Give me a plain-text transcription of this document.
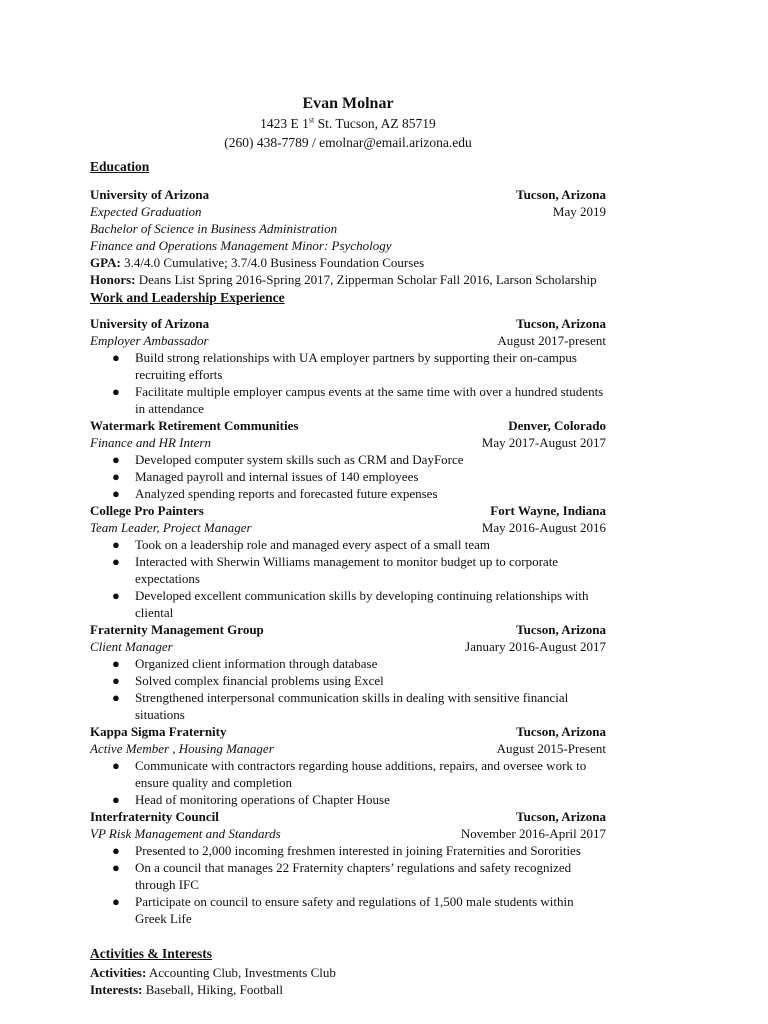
Evan Molnar
1423 E 1st St. Tucson, AZ 85719
(260) 438-7789 / emolnar@email.arizona.edu
Education
University of Arizona	Tucson, Arizona
Expected Graduation	May 2019
Bachelor of Science in Business Administration
Finance and Operations Management Minor: Psychology
GPA: 3.4/4.0 Cumulative; 3.7/4.0 Business Foundation Courses
Honors: Deans List Spring 2016-Spring 2017, Zipperman Scholar Fall 2016, Larson Scholarship
Work and Leadership Experience
University of Arizona	Tucson, Arizona
Employer Ambassador	August 2017-present
● Build strong relationships with UA employer partners by supporting their on-campus recruiting efforts
● Facilitate multiple employer campus events at the same time with over a hundred students in attendance
Watermark Retirement Communities	Denver, Colorado
Finance and HR Intern	May 2017-August 2017
● Developed computer system skills such as CRM and DayForce
● Managed payroll and internal issues of 140 employees
● Analyzed spending reports and forecasted future expenses
College Pro Painters	Fort Wayne, Indiana
Team Leader, Project Manager	May 2016-August 2016
● Took on a leadership role and managed every aspect of a small team
● Interacted with Sherwin Williams management to monitor budget up to corporate expectations
● Developed excellent communication skills by developing continuing relationships with cliental
Fraternity Management Group	Tucson, Arizona
Client Manager	January 2016-August 2017
● Organized client information through database
● Solved complex financial problems using Excel
● Strengthened interpersonal communication skills in dealing with sensitive financial situations
Kappa Sigma Fraternity	Tucson, Arizona
Active Member , Housing Manager	August 2015-Present
● Communicate with contractors regarding house additions, repairs, and oversee work to ensure quality and completion
● Head of monitoring operations of Chapter House
Interfraternity Council	Tucson, Arizona
VP Risk Management and Standards	November 2016-April 2017
● Presented to 2,000 incoming freshmen interested in joining Fraternities and Sororities
● On a council that manages 22 Fraternity chapters’ regulations and safety recognized through IFC
● Participate on council to ensure safety and regulations of 1,500 male students within Greek Life
Activities & Interests
Activities: Accounting Club, Investments Club
Interests: Baseball, Hiking, Football
